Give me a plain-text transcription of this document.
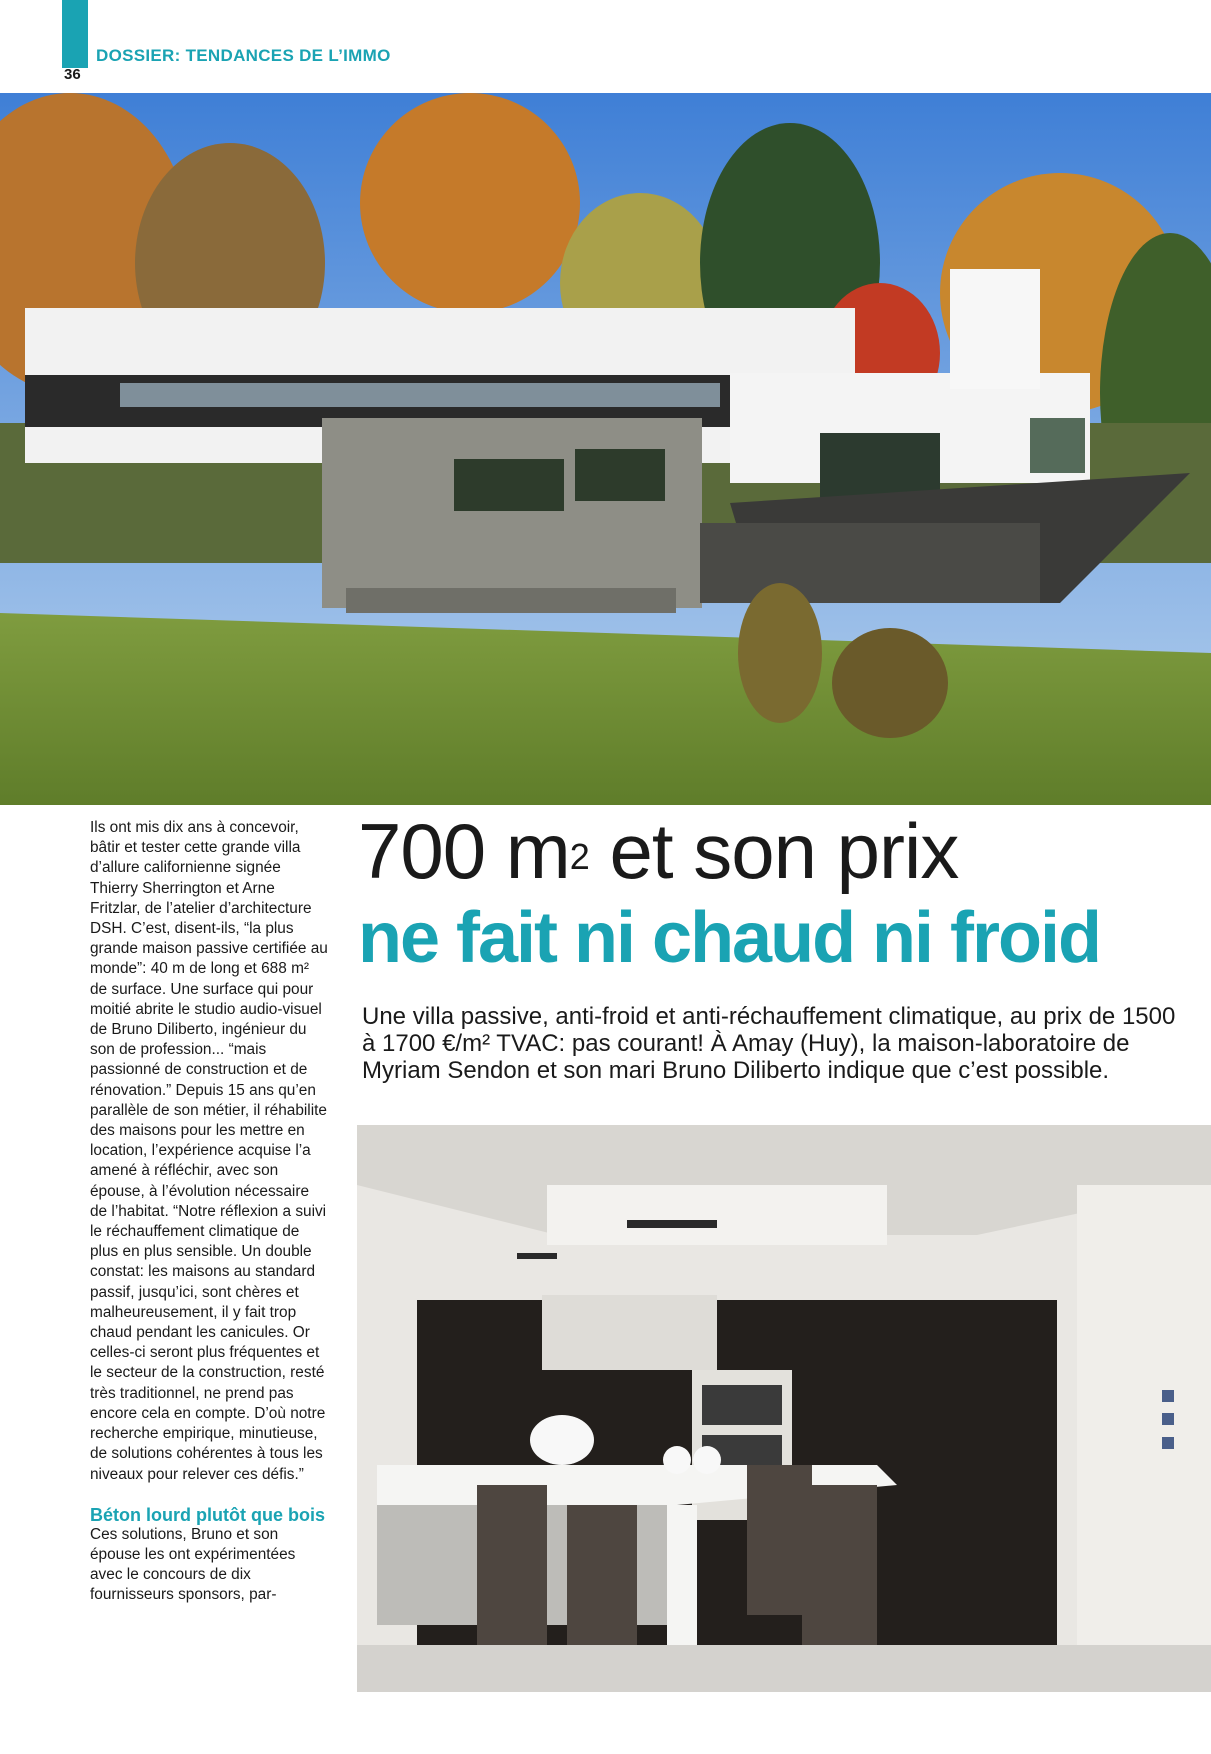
36
DOSSIER: TENDANCES DE L’IMMO

Ils ont mis dix ans à concevoir, bâtir et tester cette grande villa d’allure californienne signée Thierry Sherrington et Arne Fritzlar, de l’atelier d’architecture DSH. C’est, disent-ils, “la plus grande maison passive certifiée au monde”: 40 m de long et 688 m² de surface. Une surface qui pour moitié abrite le studio audio-visuel de Bruno Diliberto, ingénieur du son de profession... “mais passionné de construction et de rénovation.” Depuis 15 ans qu’en parallèle de son métier, il réhabilite des maisons pour les mettre en location, l’expérience acquise l’a amené à réfléchir, avec son épouse, à l’évolution nécessaire de l’habitat. “Notre réflexion a suivi le réchauffement climatique de plus en plus sensible. Un double constat: les maisons au standard passif, jusqu’ici, sont chères et malheureusement, il y fait trop chaud pendant les canicules. Or celles-ci seront plus fréquentes et le secteur de la construction, resté très traditionnel, ne prend pas encore cela en compte. D’où notre recherche empirique, minutieuse, de solutions cohérentes à tous les niveaux pour relever ces défis.”

Béton lourd plutôt que bois

Ces solutions, Bruno et son épouse les ont expérimentées avec le concours de dix fournisseurs sponsors, par-

700 $m^2$ et son prix
ne fait ni chaud ni froid
Une villa passive, anti-froid et anti-réchauffement climatique, au prix de 1500 à 1700 €/m² TVAC: pas courant! À Amay (Huy), la maison-laboratoire de Myriam Sendon et son mari Bruno Diliberto indique que c’est possible.
